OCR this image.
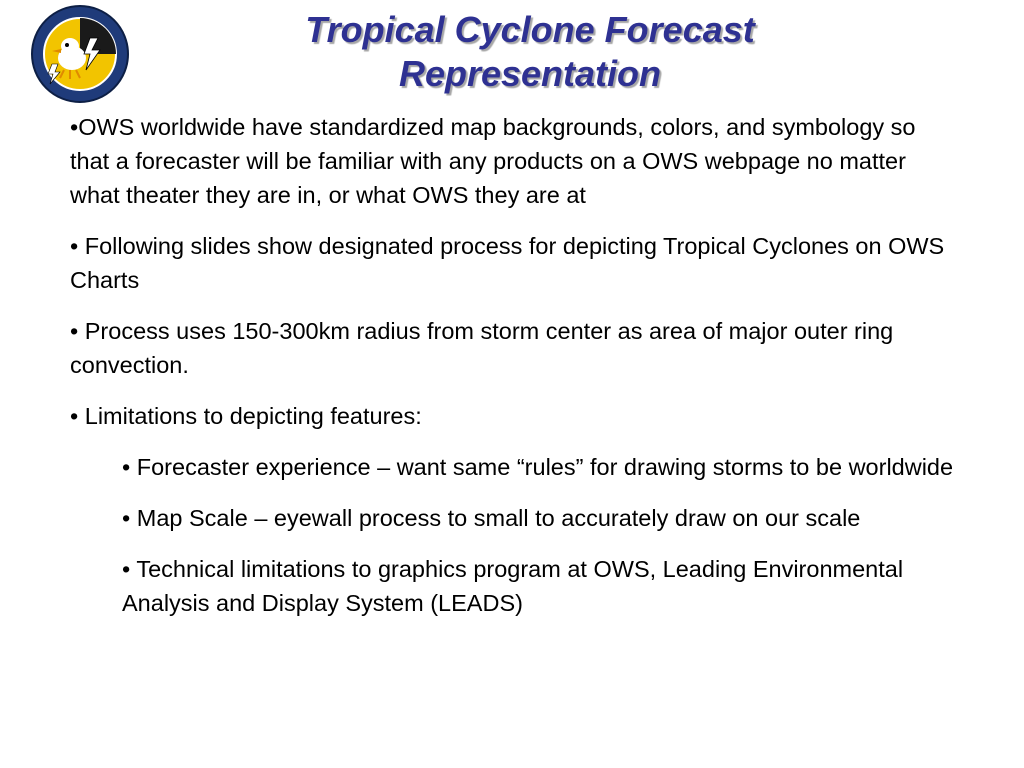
Tropical Cyclone Forecast
Representation

•OWS worldwide have standardized map backgrounds, colors, and symbology so that a forecaster will be familiar with any products on a OWS webpage no matter what theater they are in, or what OWS they are at

• Following slides show designated process for depicting Tropical Cyclones on OWS Charts

• Process uses 150-300km radius from storm center as area of major outer ring convection.

• Limitations to depicting features:

• Forecaster experience – want same “rules” for drawing storms to be worldwide

• Map Scale – eyewall process to small to accurately draw on our scale

• Technical limitations to graphics program at OWS, Leading Environmental Analysis and Display System (LEADS)
